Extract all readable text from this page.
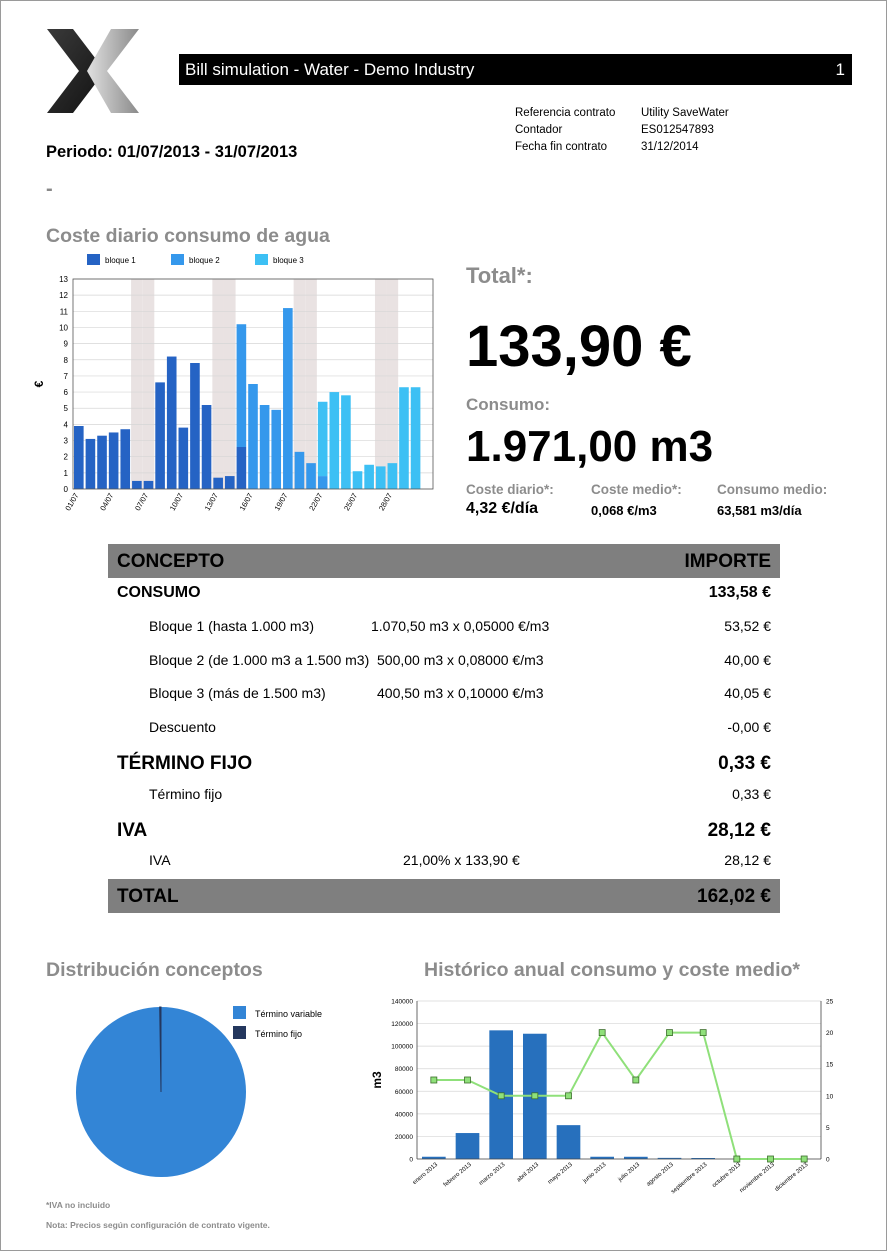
Bill simulation - Water - Demo Industry	1
Referencia contrato	Utility SaveWater
Contador	ES012547893
Fecha fin contrato	31/12/2014
Periodo: 01/07/2013 - 31/07/2013
-
Coste diario consumo de agua
0
1
2
3
4
5
6
7
8
9
10
11
12
13
01/07 04/07 07/07 10/07 13/07 16/07 19/07 22/07 25/07 28/07
€
bloque 1	bloque 2	bloque 3
Total*:
133,90 €
Consumo:
1.971,00 m3
Coste diario*:
4,32 €/día
Coste medio*:
0,068 €/m3
Consumo medio:
63,581 m3/día
CONCEPTO	IMPORTE
CONSUMO	133,58 €
Bloque 1 (hasta 1.000 m3)	1.070,50 m3 x 0,05000 €/m3	53,52 €
Bloque 2 (de 1.000 m3 a 1.500 m3) 500,00 m3 x 0,08000 €/m3	40,00 €
Bloque 3 (más de 1.500 m3)	400,50 m3 x 0,10000 €/m3	40,05 €
Descuento	-0,00 €
TÉRMINO FIJO	0,33 €
Término fijo	0,33 €
IVA	28,12 €
IVA	21,00% x 133,90 €	28,12 €
TOTAL	162,02 €
Distribución conceptos	Histórico anual consumo y coste medio*
Término variable
Término fijo
0
20000
40000
60000
80000
100000
120000
140000
0
5
10
15
20
25
enero 2013 febrero 2013 marzo 2013 abril 2013 mayo 2013 junio 2013 julio 2013 agosto 2013
septiembre 2013 octubre 2013
noviembre 2013
diciembre 2013
m3
*IVA no incluido
Nota: Precios según configuración de contrato vigente.
